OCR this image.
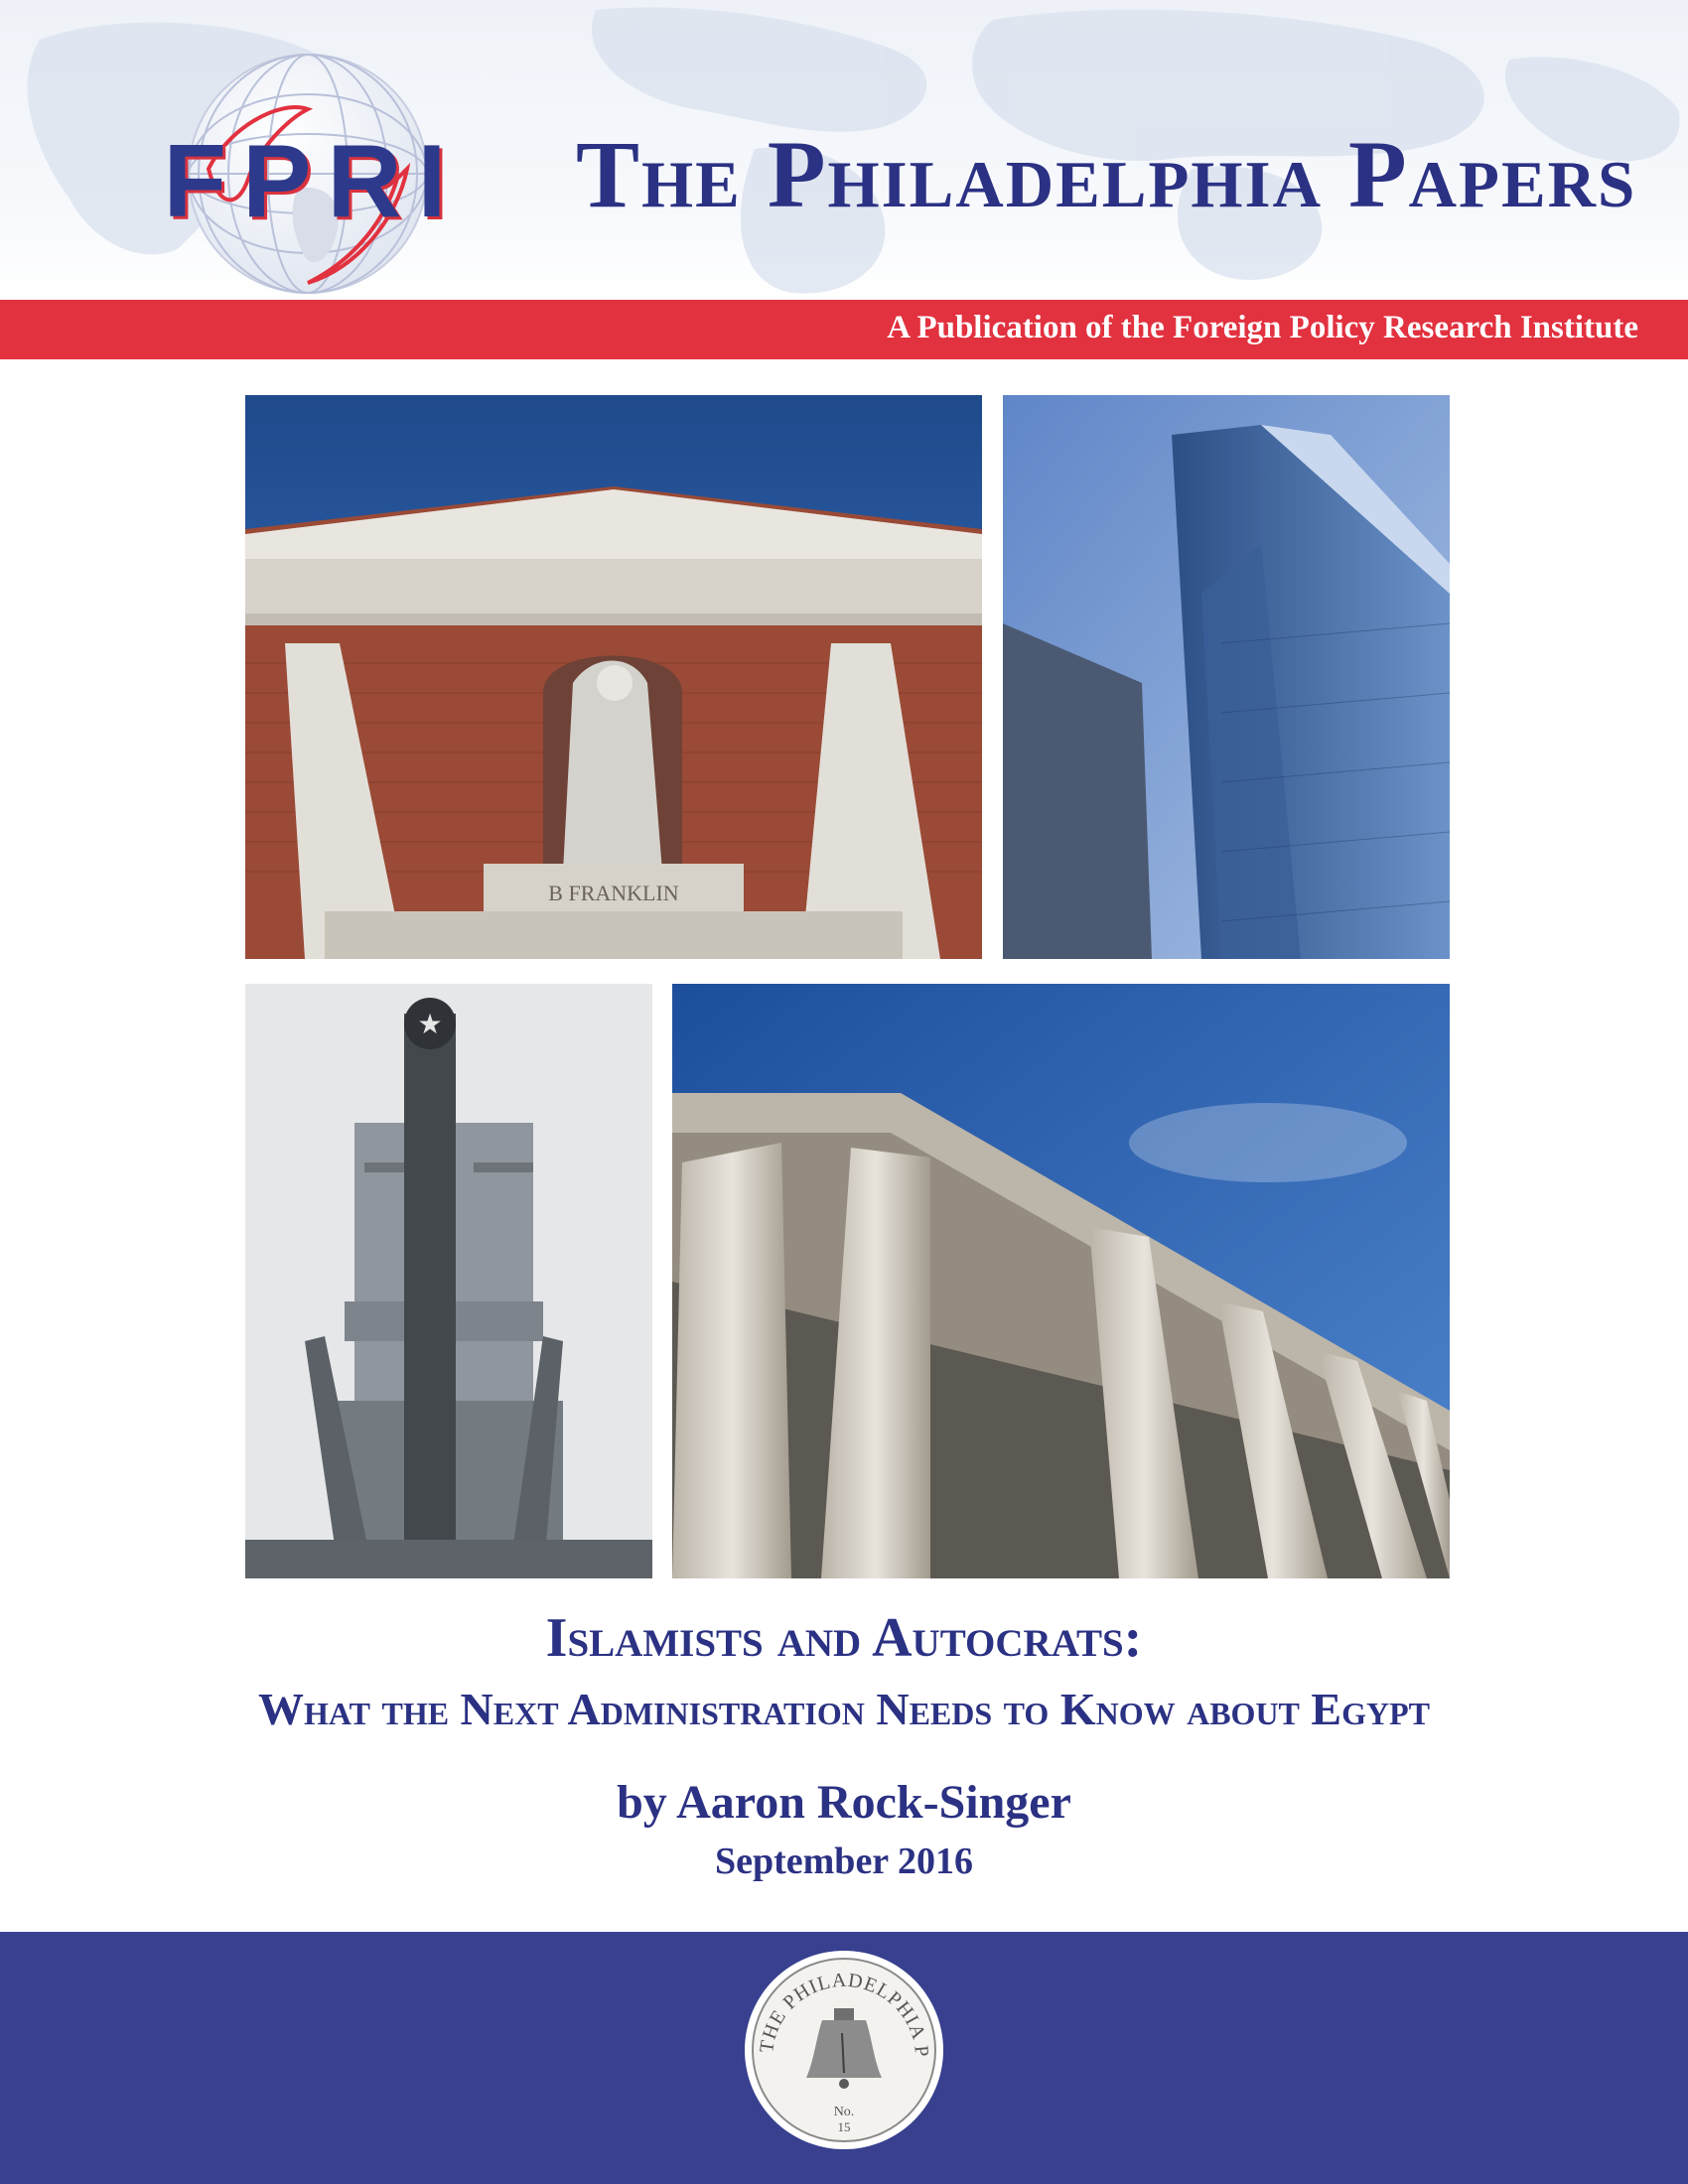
FPRI The Philadelphia Papers
A Publication of the Foreign Policy Research Institute
B FRANKLIN
★
Islamists and Autocrats:
What the Next Administration Needs to Know about Egypt
by Aaron Rock-Singer
September 2016
THE PHILADELPHIA P
No.
15
